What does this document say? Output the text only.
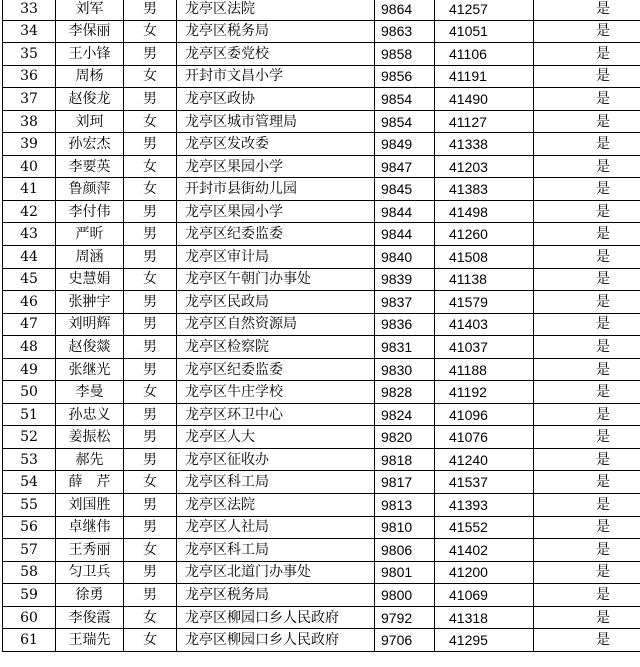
33	刘军	男	龙亭区法院	9864	41257	是
34	李保丽	女	龙亭区税务局	9863	41051	是
35	王小锋	男	龙亭区委党校	9858	41106	是
36	周杨	女	开封市文昌小学	9856	41191	是
37	赵俊龙	男	龙亭区政协	9854	41490	是
38	刘珂	女	龙亭区城市管理局	9854	41127	是
39	孙宏杰	男	龙亭区发改委	9849	41338	是
40	李要英	女	龙亭区果园小学	9847	41203	是
41	鲁颜萍	女	开封市县街幼儿园	9845	41383	是
42	李付伟	男	龙亭区果园小学	9844	41498	是
43	严昕	男	龙亭区纪委监委	9844	41260	是
44	周涵	男	龙亭区审计局	9840	41508	是
45	史慧娟	女	龙亭区午朝门办事处	9839	41138	是
46	张翀宇	男	龙亭区民政局	9837	41579	是
47	刘明辉	男	龙亭区自然资源局	9836	41403	是
48	赵俊燚	男	龙亭区检察院	9831	41037	是
49	张继光	男	龙亭区纪委监委	9830	41188	是
50	李曼	女	龙亭区牛庄学校	9828	41192	是
51	孙忠义	男	龙亭区环卫中心	9824	41096	是
52	姜振松	男	龙亭区人大	9820	41076	是
53	郝先	男	龙亭区征收办	9818	41240	是
54	薛　芹	女	龙亭区科工局	9817	41537	是
55	刘国胜	男	龙亭区法院	9813	41393	是
56	卓继伟	男	龙亭区人社局	9810	41552	是
57	王秀丽	女	龙亭区科工局	9806	41402	是
58	匀卫兵	男	龙亭区北道门办事处	9801	41200	是
59	徐勇	男	龙亭区税务局	9800	41069	是
60	李俊霞	女	龙亭区柳园口乡人民政府	9792	41318	是
61	王瑞先	女	龙亭区柳园口乡人民政府	9706	41295	是
